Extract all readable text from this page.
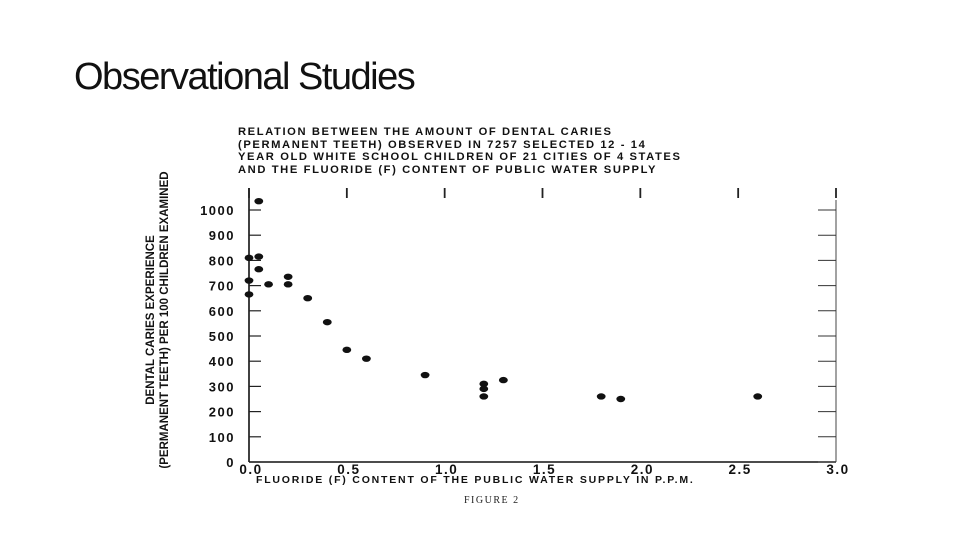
Observational Studies
RELATION BETWEEN THE AMOUNT OF DENTAL CARIES
(PERMANENT TEETH) OBSERVED IN 7257 SELECTED 12 - 14
YEAR OLD WHITE SCHOOL CHILDREN OF 21 CITIES OF 4 STATES
AND THE FLUORIDE (F) CONTENT OF PUBLIC WATER SUPPLY
DENTAL CARIES EXPERIENCE (PERMANENT TEETH) PER 100 CHILDREN EXAMINED	0
100
200
300
400
500
600
700
800
900
1000
0.0	0.5	1.0	1.5	2.0	2.5	3.0
FLUORIDE (F) CONTENT OF THE PUBLIC WATER SUPPLY IN P.P.M.
FIGURE 2
